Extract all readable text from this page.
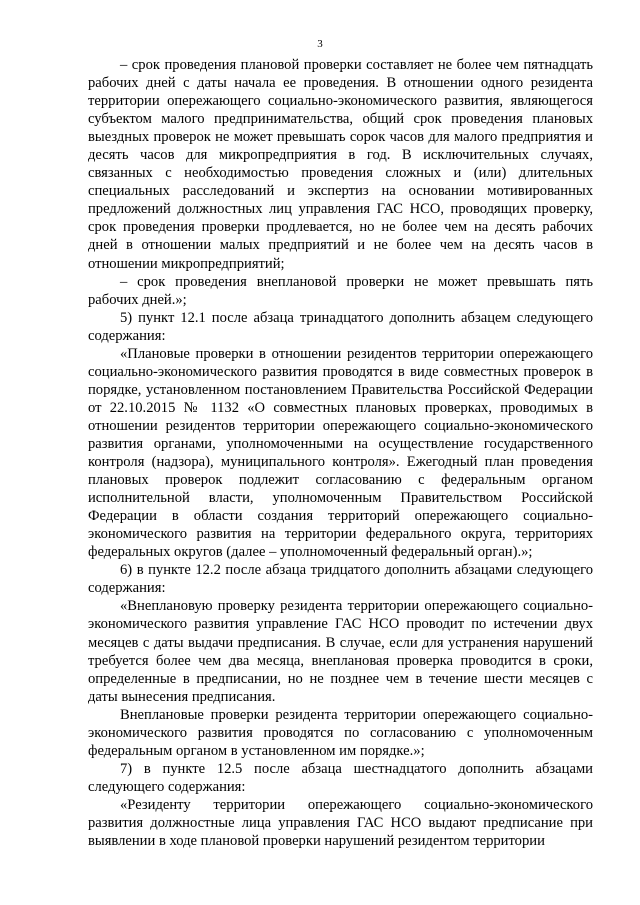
3

– срок проведения плановой проверки составляет не более чем пятнадцать рабочих дней с даты начала ее проведения. В отношении одного резидента территории опережающего социально-экономического развития, являющегося субъектом малого предпринимательства, общий срок проведения плановых выездных проверок не может превышать сорок часов для малого предприятия и десять часов для микропредприятия в год. В исключительных случаях, связанных с необходимостью проведения сложных и (или) длительных специальных расследований и экспертиз на основании мотивированных предложений должностных лиц управления ГАС НСО, проводящих проверку, срок проведения проверки продлевается, но не более чем на десять рабочих дней в отношении малых предприятий и не более чем на десять часов в отношении микропредприятий;

– срок проведения внеплановой проверки не может превышать пять рабочих дней.»;

5) пункт 12.1 после абзаца тринадцатого дополнить абзацем следующего содержания:

«Плановые проверки в отношении резидентов территории опережающего социально-экономического развития проводятся в виде совместных проверок в порядке, установленном постановлением Правительства Российской Федерации от 22.10.2015 № 1132 «О совместных плановых проверках, проводимых в отношении резидентов территории опережающего социально-экономического развития органами, уполномоченными на осуществление государственного контроля (надзора), муниципального контроля». Ежегодный план проведения плановых проверок подлежит согласованию с федеральным органом исполнительной власти, уполномоченным Правительством Российской Федерации в области создания территорий опережающего социально-экономического развития на территории федерального округа, территориях федеральных округов (далее – уполномоченный федеральный орган).»;

6) в пункте 12.2 после абзаца тридцатого дополнить абзацами следующего содержания:

«Внеплановую проверку резидента территории опережающего социально-экономического развития управление ГАС НСО проводит по истечении двух месяцев с даты выдачи предписания. В случае, если для устранения нарушений требуется более чем два месяца, внеплановая проверка проводится в сроки, определенные в предписании, но не позднее чем в течение шести месяцев с даты вынесения предписания.

Внеплановые проверки резидента территории опережающего социально-экономического развития проводятся по согласованию с уполномоченным федеральным органом в установленном им порядке.»;

7) в пункте 12.5 после абзаца шестнадцатого дополнить абзацами следующего содержания:

«Резиденту территории опережающего социально-экономического развития должностные лица управления ГАС НСО выдают предписание при выявлении в ходе плановой проверки нарушений резидентом территории
